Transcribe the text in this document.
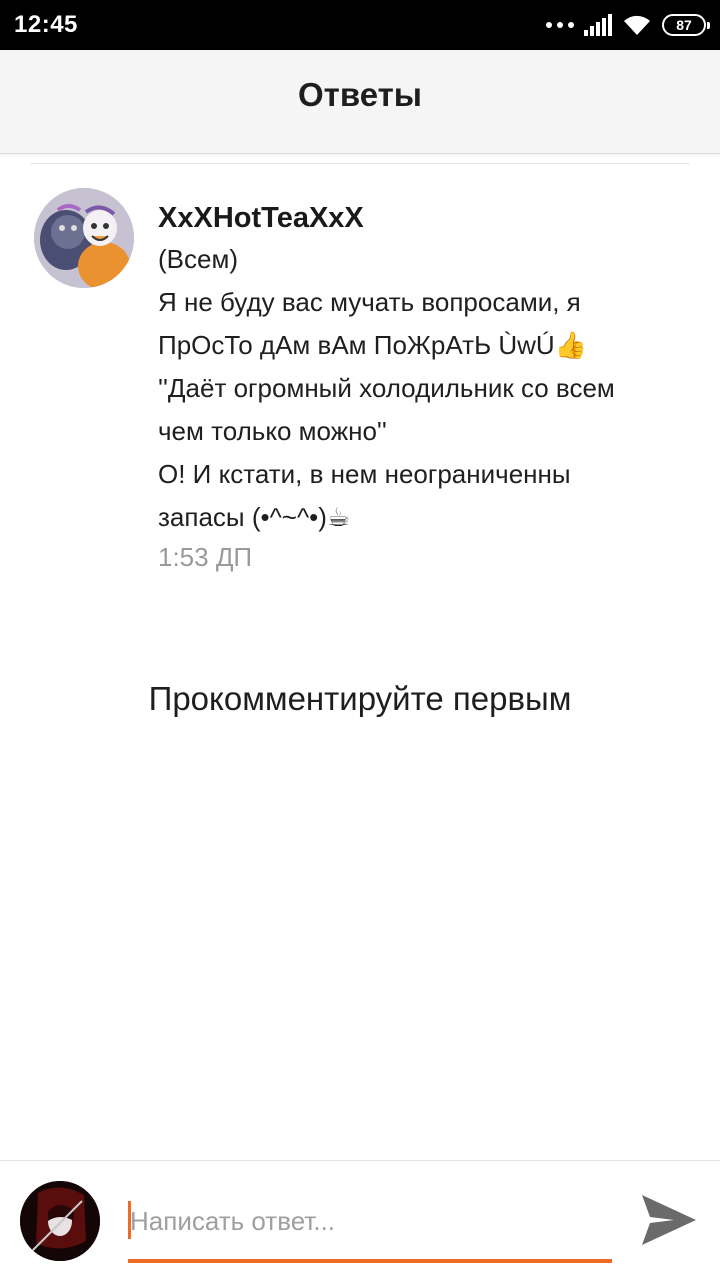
12:45	87
Ответы
XxXHotTeaXxX
(Всем)
Я не буду вас мучать вопросами, я
ПрОсТо дАм вАм ПоЖрАтЬ ÙwÚ👍
''Даёт огромный холодильник со всем
чем только можно''
О! И кстати, в нем неограниченны
запасы (•^~^•)☕
1:53 ДП
Прокомментируйте первым
Написать ответ...
